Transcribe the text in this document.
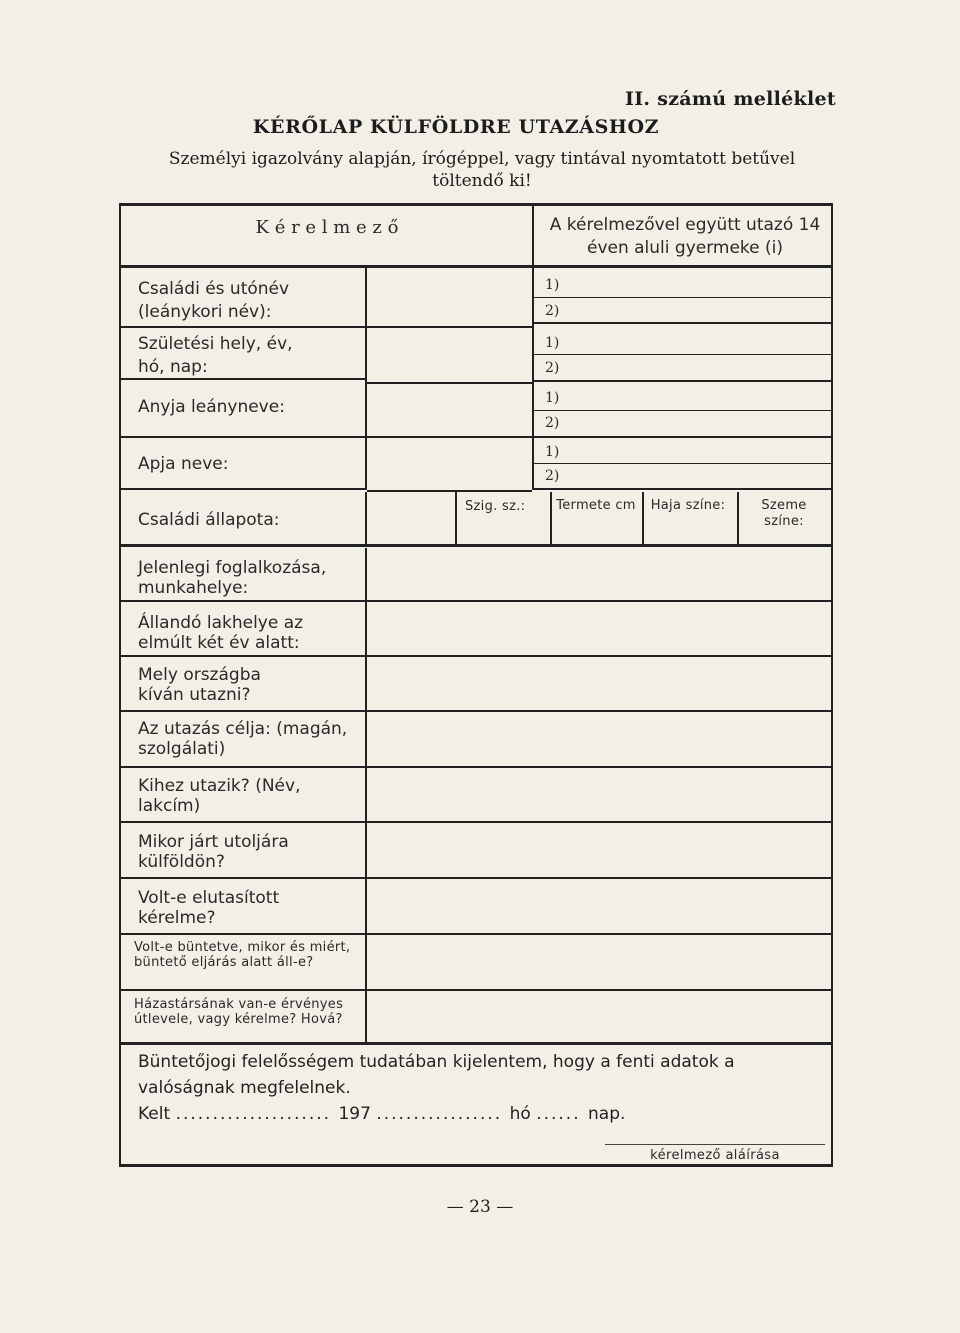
II. számú melléklet
KÉRŐLAP KÜLFÖLDRE UTAZÁSHOZ
Személyi igazolvány alapján, írógéppel, vagy tintával nyomtatott betűvel töltendő ki!
K é r e l m e z ő	A kérelmezővel együtt utazó 14 éven aluli gyermeke (i)
Családi és utónév (leánykori név):
Születési hely, év, hó, nap:
Anyja leányneve:
Apja neve:
1)
2)
1)
2)
1)
2)
1)
2)
Családi állapota:
Szig. sz.: Termete cm Haja színe:	Szeme színe:
Jelenlegi foglalkozása, munkahelye:
Állandó lakhelye az elmúlt két év alatt:
Mely országba kíván utazni?
Az utazás célja: (magán, szolgálati)
Kihez utazik? (Név, lakcím)
Mikor járt utoljára külföldön?
Volt-e elutasított kérelme?
Volt-e büntetve, mikor és miért, büntető eljárás alatt áll-e?
Házastársának van-e érvényes útlevele, vagy kérelme? Hová?
Büntetőjogi felelősségem tudatában kijelentem, hogy a fenti adatok a valóságnak megfelelnek.
Kelt ..................... 197 ................. hó ...... nap.
kérelmező aláírása
— 23 —
